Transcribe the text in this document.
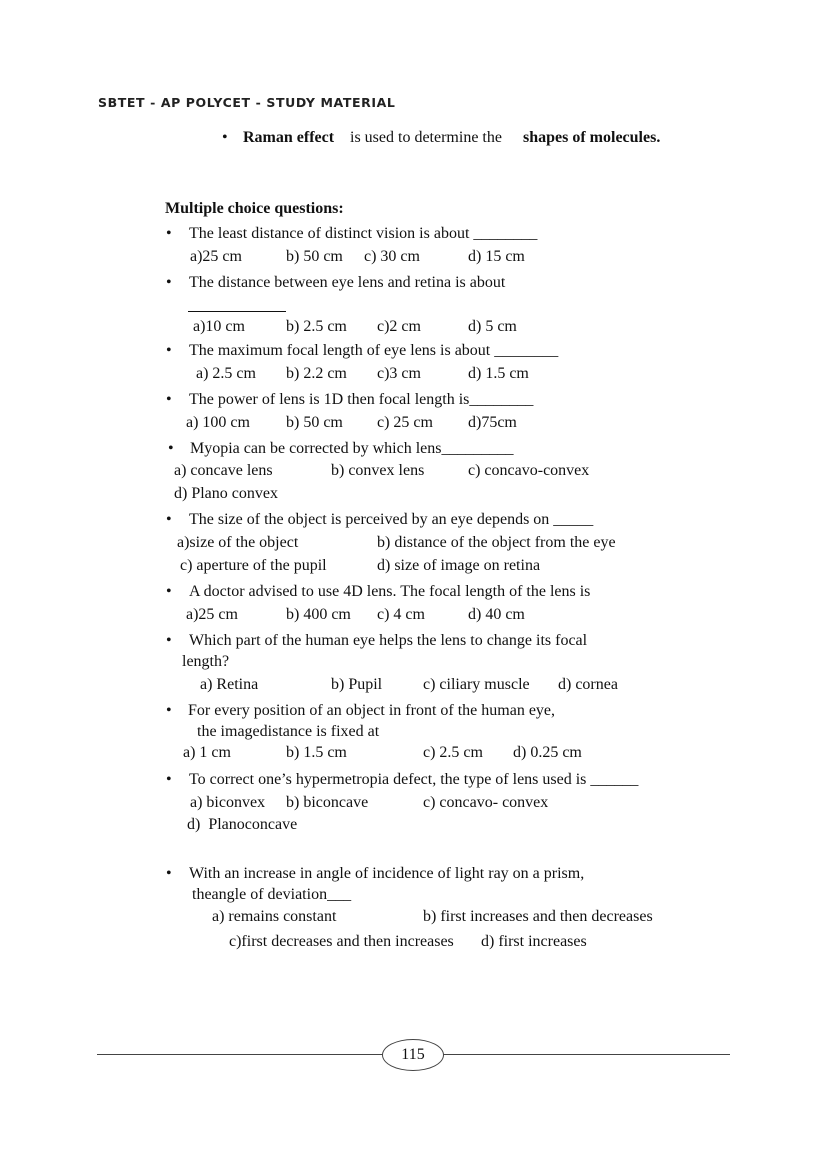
SBTET - AP POLYCET - STUDY MATERIAL
• Raman effect is used to determine the shapes of molecules.
Multiple choice questions:
• The least distance of distinct vision is about ________
a)25 cm	b) 50 cm c) 30 cm	d) 15 cm
• The distance between eye lens and retina is about
a)10 cm	b) 2.5 cm c)2 cm	d) 5 cm
• The maximum focal length of eye lens is about ________
a) 2.5 cm b) 2.2 cm c)3 cm	d) 1.5 cm
• The power of lens is 1D then focal length is________
a) 100 cm b) 50 cm c) 25 cm d)75cm
• Myopia can be corrected by which lens_________
a) concave lens	b) convex lens	c) concavo-convex
d) Plano convex
• The size of the object is perceived by an eye depends on _____
a)size of the object	b) distance of the object from the eye
c) aperture of the pupil	d) size of image on retina
• A doctor advised to use 4D lens. The focal length of the lens is
a)25 cm	b) 400 cm c) 4 cm	d) 40 cm
• Which part of the human eye helps the lens to change its focal
length?
a) Retina	b) Pupil	c) ciliary muscle d) cornea
• For every position of an object in front of the human eye,
the imagedistance is fixed at
a) 1 cm	b) 1.5 cm	c) 2.5 cm d) 0.25 cm
• To correct one’s hypermetropia defect, the type of lens used is ______
a) biconvex b) biconcave	c) concavo- convex
d)  Planoconcave
• With an increase in angle of incidence of light ray on a prism,
theangle of deviation___
a) remains constant	b) first increases and then decreases
c)first decreases and then increases d) first increases
115
